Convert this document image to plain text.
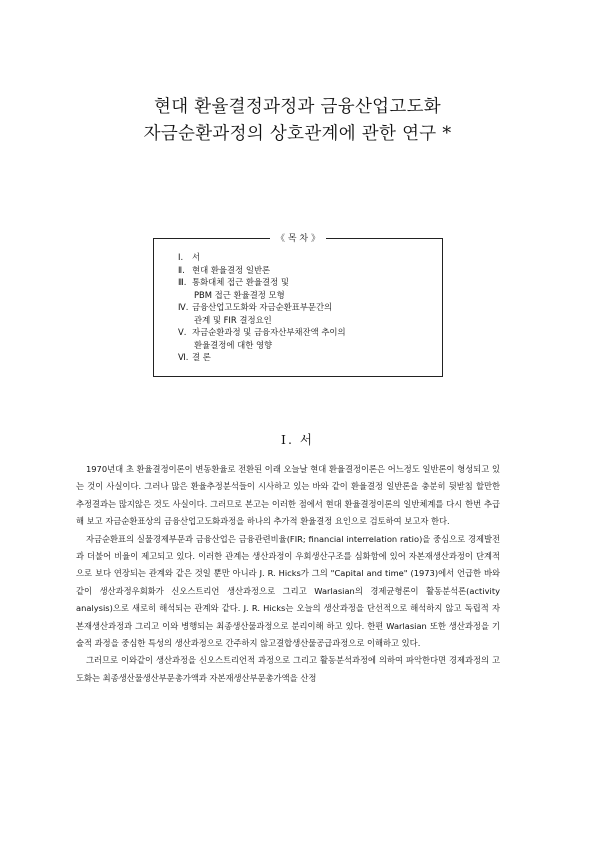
현대 환율결정과정과 금융산업고도화
자금순환과정의 상호관계에 관한 연구 *
《 목 차 》
Ⅰ. 서
Ⅱ. 현대 환율결정 일반론
Ⅲ. 통화대체 접근 환율결정 및
PBM 접근 환율결정 모형
Ⅳ. 금융산업고도화와 자금순환표부문간의
관계 및 FIR 결정요인
Ⅴ. 자금순환과정 및 금융자산부채잔액 추이의
환율결정에 대한 영향
Ⅵ. 결 론
Ⅰ. 서

1970년대 초 환율결정이론이 변동환율로 전환된 이래 오늘날 현대 환율결정이론은 어느정도 일반론이 형성되고 있는 것이 사실이다. 그러나 많은 환율추정분석들이 시사하고 있는 바와 같이 환율결정 일반론을 충분히 뒷받침 할만한 추정결과는 많지않은 것도 사실이다. 그러므로 본고는 이러한 점에서 현대 환율결정이론의 일반체계를 다시 한번 추급 해 보고 자금순환표상의 금융산업고도화과정을 하나의 추가적 환율결정 요인으로 검토하여 보고자 한다.

자금순환표의 실물경제부문과 금융산업은 금융관련비율(FIR; financial interrelation ratio)을 중심으로 경제발전과 더불어 비율이 제고되고 있다. 이러한 관계는 생산과정이 우회생산구조를 심화함에 있어 자본재생산과정이 단계적으로 보다 연장되는 관계와 같은 것일 뿐만 아니라 J. R. Hicks가 그의 "Capital and time" (1973)에서 언급한 바와 같이 생산과정우회화가 신오스트리언 생산과정으로 그리고 Warlasian의 경제균형론이 활동분석론(activity analysis)으로 새로히 해석되는 관계와 같다. J. R. Hicks는 오늘의 생산과정을 단선적으로 해석하지 않고 독립적 자본재생산과정과 그리고 이와 병행되는 최종생산물과정으로 분리이해 하고 있다. 한편 Warlasian 또한 생산과정을 기술적 과정을 중심한 특성의 생산과정으로 간주하지 않고결합생산물공급과정으로 이해하고 있다.

그러므로 이와같이 생산과정을 신오스트리언적 과정으로 그리고 활동분석과정에 의하여 파악한다면 경제과정의 고도화는 최종생산물생산부문총가액과 자본재생산부문총가액을 산정
